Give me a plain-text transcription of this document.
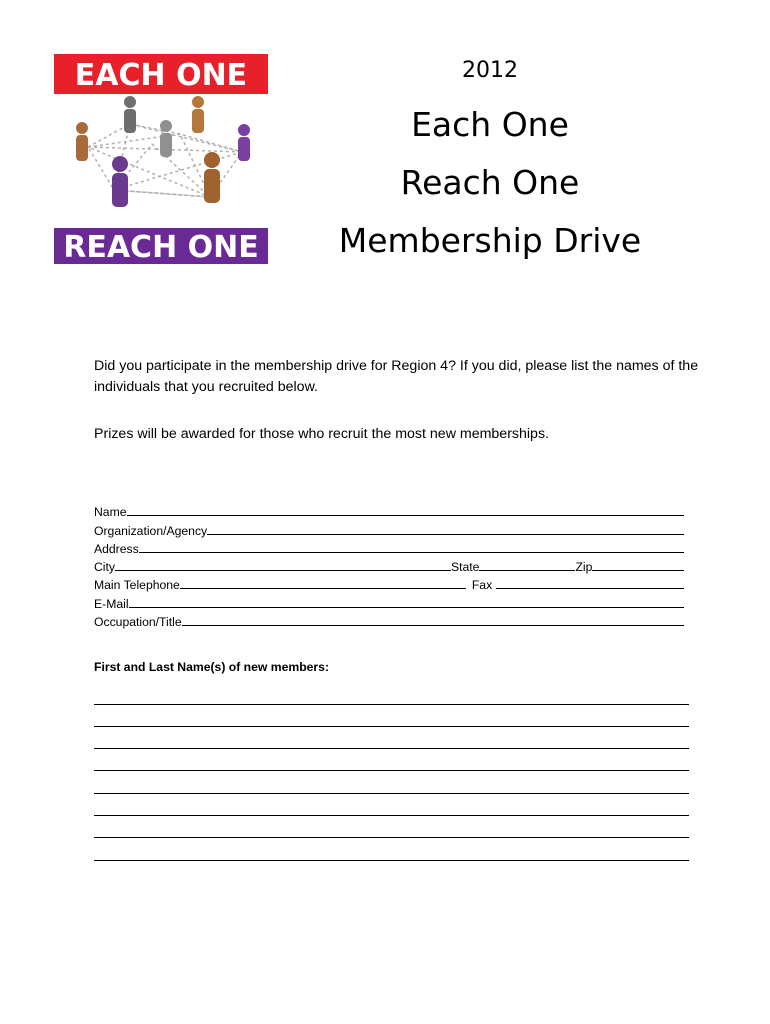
EACH ONE
REACH ONE
2012
Each One
Reach One
Membership Drive
Did you participate in the membership drive for Region 4? If you did, please list the names of the individuals that you recruited below.
Prizes will be awarded for those who recruit the most new memberships.
Name
Organization/Agency
Address
City	State	Zip
Main Telephone	Fax
E-Mail
Occupation/Title
First and Last Name(s) of new members:
